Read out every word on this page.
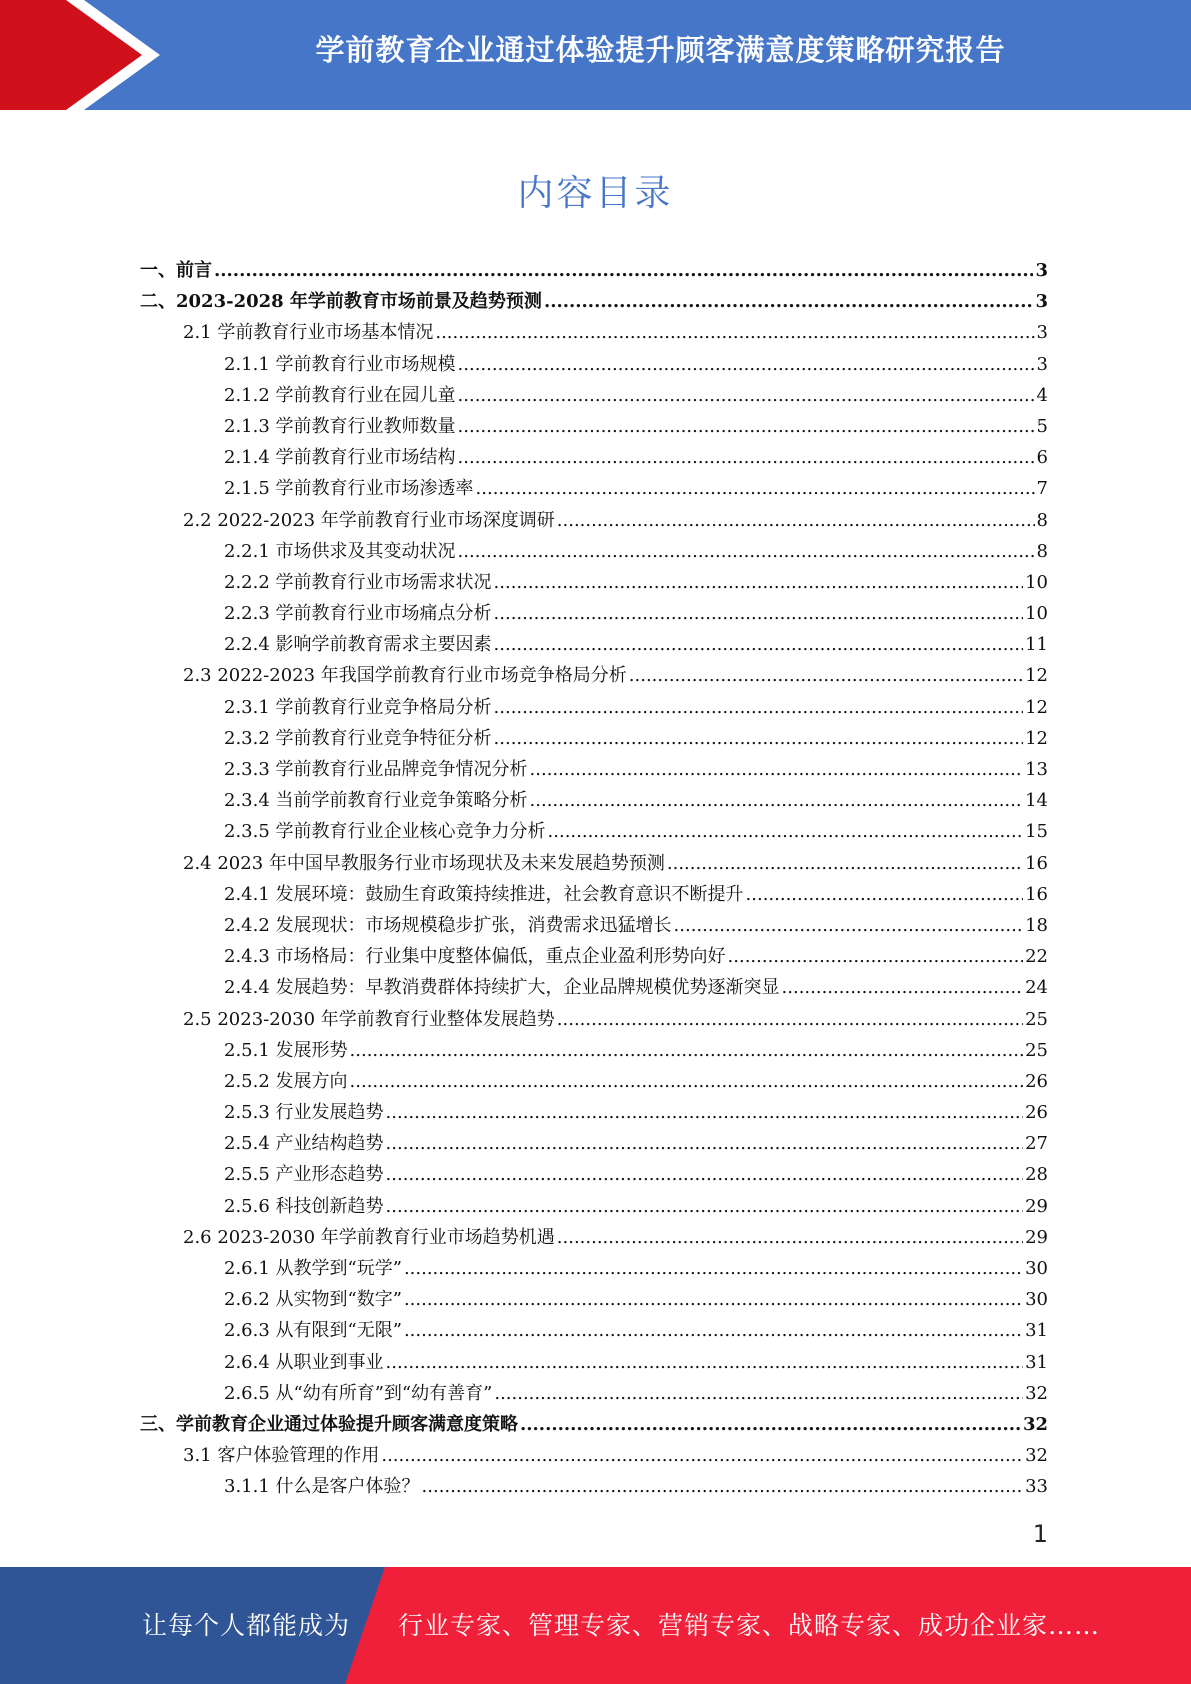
学前教育企业通过体验提升顾客满意度策略研究报告
内容目录
一、前言 .....	3
二、2023-2028 年学前教育市场前景及趋势预测 .....	3
2.1 学前教育行业市场基本情况 .....	3
2.1.1 学前教育行业市场规模 .....	3
2.1.2 学前教育行业在园儿童 .....	4
2.1.3 学前教育行业教师数量 .....	5
2.1.4 学前教育行业市场结构 .....	6
2.1.5 学前教育行业市场渗透率 .....	7
2.2 2022-2023 年学前教育行业市场深度调研 .....	8
2.2.1 市场供求及其变动状况 .....	8
2.2.2 学前教育行业市场需求状况 .....	10
2.2.3 学前教育行业市场痛点分析 .....	10
2.2.4 影响学前教育需求主要因素 .....	11
2.3 2022-2023 年我国学前教育行业市场竞争格局分析 .....	12
2.3.1 学前教育行业竞争格局分析 .....	12
2.3.2 学前教育行业竞争特征分析 .....	12
2.3.3 学前教育行业品牌竞争情况分析 .....	13
2.3.4 当前学前教育行业竞争策略分析 .....	14
2.3.5 学前教育行业企业核心竞争力分析 .....	15
2.4 2023 年中国早教服务行业市场现状及未来发展趋势预测 .....	16
2.4.1 发展环境：鼓励生育政策持续推进，社会教育意识不断提升 .....	16
2.4.2 发展现状：市场规模稳步扩张，消费需求迅猛增长 .....	18
2.4.3 市场格局：行业集中度整体偏低，重点企业盈利形势向好 .....	22
2.4.4 发展趋势：早教消费群体持续扩大，企业品牌规模优势逐渐突显 .....	24
2.5 2023-2030 年学前教育行业整体发展趋势 .....	25
2.5.1 发展形势 .....	25
2.5.2 发展方向 .....	26
2.5.3 行业发展趋势 .....	26
2.5.4 产业结构趋势 .....	27
2.5.5 产业形态趋势 .....	28
2.5.6 科技创新趋势 .....	29
2.6 2023-2030 年学前教育行业市场趋势机遇 .....	29
2.6.1 从教学到“玩学” .....	30
2.6.2 从实物到“数字” .....	30
2.6.3 从有限到“无限” .....	31
2.6.4 从职业到事业 .....	31
2.6.5 从“幼有所育”到“幼有善育” .....	32
三、学前教育企业通过体验提升顾客满意度策略 .....	32
3.1 客户体验管理的作用 .....	32
3.1.1 什么是客户体验？ .....	33
1
让每个人都能成为 行业专家、管理专家、营销专家、战略专家、成功企业家……
